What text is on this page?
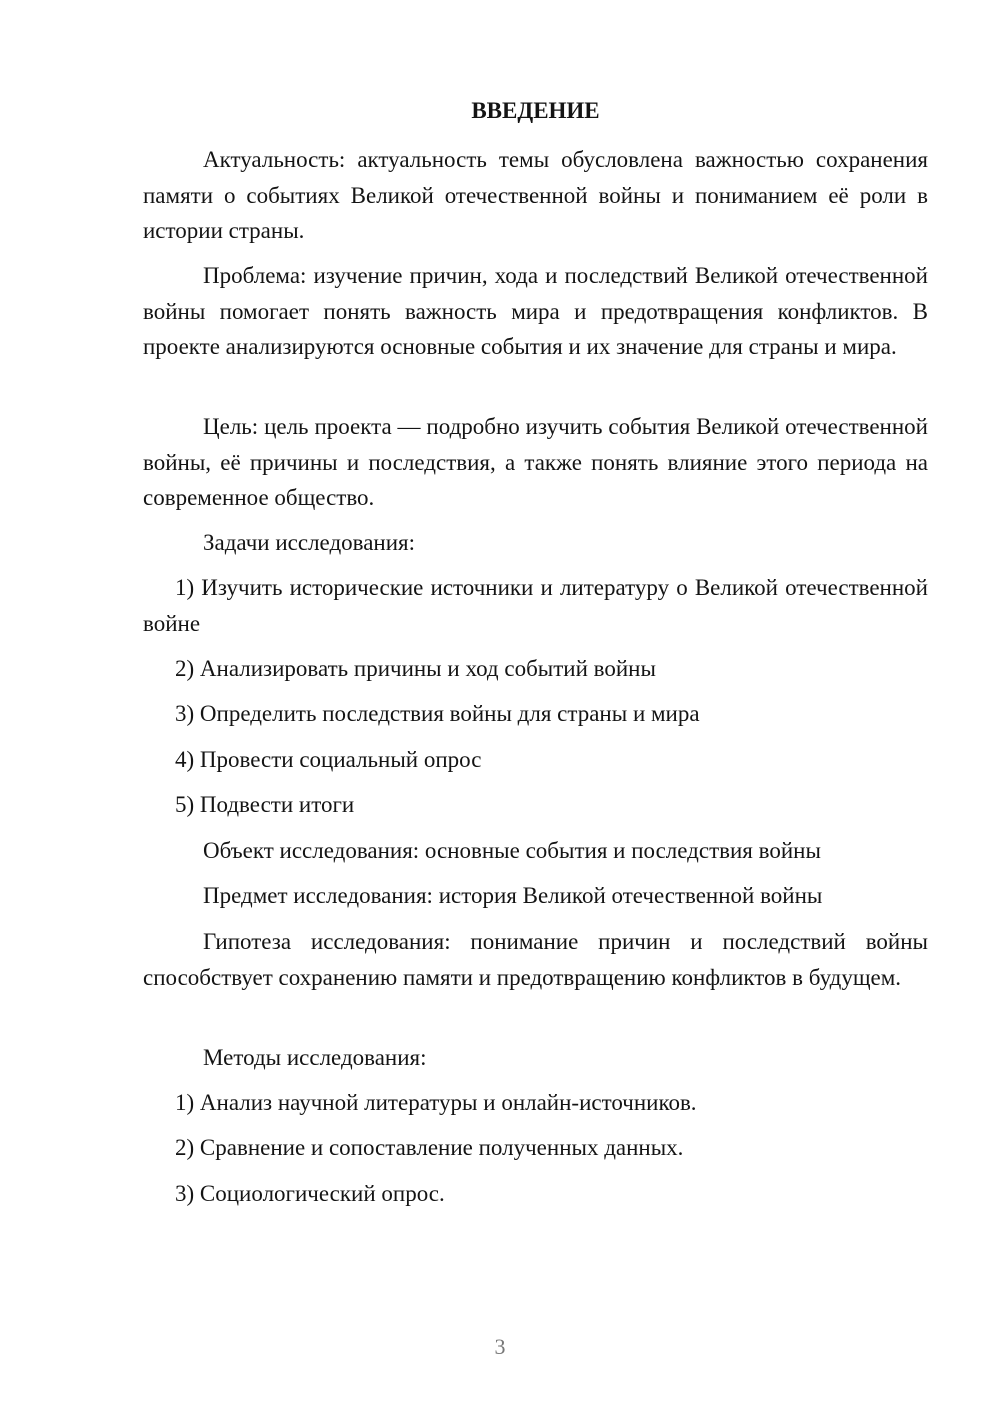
ВВЕДЕНИЕ

Актуальность: актуальность темы обусловлена важностью сохранения памяти о событиях Великой отечественной войны и пониманием её роли в истории страны.

Проблема: изучение причин, хода и последствий Великой отечественной войны помогает понять важность мира и предотвращения конфликтов. В проекте анализируются основные события и их значение для страны и мира.

Цель: цель проекта — подробно изучить события Великой отечественной войны, её причины и последствия, а также понять влияние этого периода на современное общество.

Задачи исследования:

1) Изучить исторические источники и литературу о Великой отечественной войне

2) Анализировать причины и ход событий войны

3) Определить последствия войны для страны и мира

4) Провести социальный опрос

5) Подвести итоги

Объект исследования: основные события и последствия войны

Предмет исследования: история Великой отечественной войны

Гипотеза исследования: понимание причин и последствий войны способствует сохранению памяти и предотвращению конфликтов в будущем.

Методы исследования:

1) Анализ научной литературы и онлайн-источников.

2) Сравнение и сопоставление полученных данных.

3) Социологический опрос.

3
